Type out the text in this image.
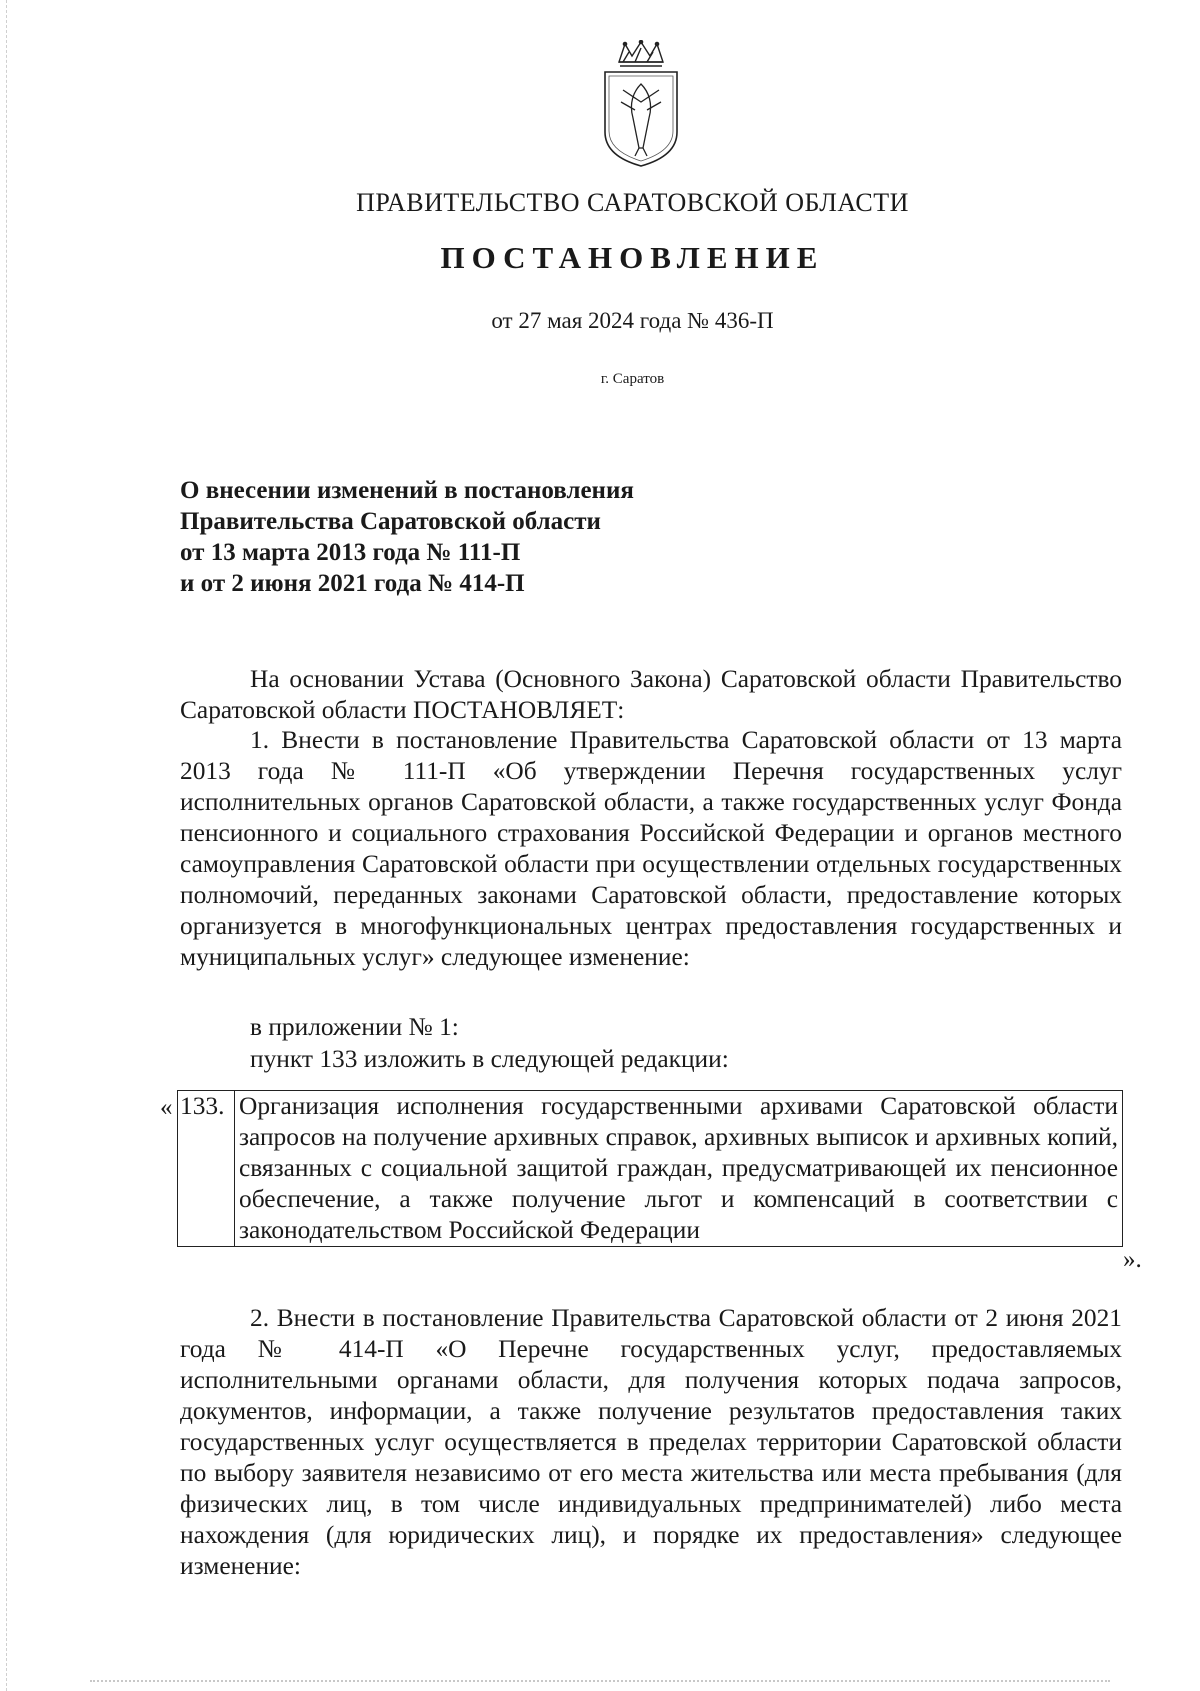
ПРАВИТЕЛЬСТВО САРАТОВСКОЙ ОБЛАСТИ
ПОСТАНОВЛЕНИЕ
от 27 мая 2024 года № 436-П
г. Саратов
О внесении изменений в постановления
Правительства Саратовской области
от 13 марта 2013 года № 111-П
и от 2 июня 2021 года № 414-П

На основании Устава (Основного Закона) Саратовской области Правительство Саратовской области ПОСТАНОВЛЯЕТ:

1. Внести в постановление Правительства Саратовской области от 13 марта 2013 года № 111-П «Об утверждении Перечня государственных услуг исполнительных органов Саратовской области, а также государственных услуг Фонда пенсионного и социального страхования Российской Федерации и органов местного самоуправления Саратовской области при осуществлении отдельных государственных полномочий, переданных законами Саратовской области, предоставление которых организуется в многофункциональных центрах предоставления государственных и муниципальных услуг» следующее изменение:

в приложении № 1:
пункт 133 изложить в следующей редакции:
« 133.	Организация исполнения государственными архивами Саратовской области запросов на получение архивных справок, архивных выписок и архивных копий, связанных с социальной защитой граждан, предусматривающей их пенсионное обеспечение, а также получение льгот и компенсаций в соответствии с законодательством Российской Федерации
».

2. Внести в постановление Правительства Саратовской области от 2 июня 2021 года № 414-П «О Перечне государственных услуг, предоставляемых исполнительными органами области, для получения которых подача запросов, документов, информации, а также получение результатов предоставления таких государственных услуг осуществляется в пределах территории Саратовской области по выбору заявителя независимо от его места жительства или места пребывания (для физических лиц, в том числе индивидуальных предпринимателей) либо места нахождения (для юридических лиц), и порядке их предоставления» следующее изменение:
